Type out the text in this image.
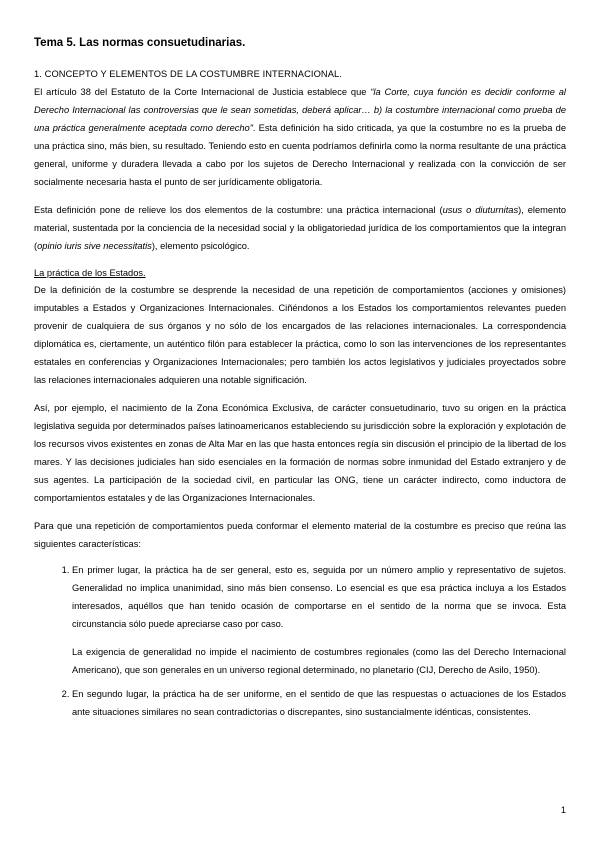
Tema 5. Las normas consuetudinarias.
1. CONCEPTO Y ELEMENTOS DE LA COSTUMBRE INTERNACIONAL.

El artículo 38 del Estatuto de la Corte Internacional de Justicia establece que “la Corte, cuya función es decidir conforme al Derecho Internacional las controversias que le sean sometidas, deberá aplicar… b) la costumbre internacional como prueba de una práctica generalmente aceptada como derecho”. Esta definición ha sido criticada, ya que la costumbre no es la prueba de una práctica sino, más bien, su resultado. Teniendo esto en cuenta podríamos definirla como la norma resultante de una práctica general, uniforme y duradera llevada a cabo por los sujetos de Derecho Internacional y realizada con la convicción de ser socialmente necesaria hasta el punto de ser jurídicamente obligatoria.

Esta definición pone de relieve los dos elementos de la costumbre: una práctica internacional (usus o diuturnitas), elemento material, sustentada por la conciencia de la necesidad social y la obligatoriedad jurídica de los comportamientos que la integran (opinio iuris sive necessitatis), elemento psicológico.

La práctica de los Estados.

De la definición de la costumbre se desprende la necesidad de una repetición de comportamientos (acciones y omisiones) imputables a Estados y Organizaciones Internacionales. Ciñéndonos a los Estados los comportamientos relevantes pueden provenir de cualquiera de sus órganos y no sólo de los encargados de las relaciones internacionales. La correspondencia diplomática es, ciertamente, un auténtico filón para establecer la práctica, como lo son las intervenciones de los representantes estatales en conferencias y Organizaciones Internacionales; pero también los actos legislativos y judiciales proyectados sobre las relaciones internacionales adquieren una notable significación.

Así, por ejemplo, el nacimiento de la Zona Económica Exclusiva, de carácter consuetudinario, tuvo su origen en la práctica legislativa seguida por determinados países latinoamericanos estableciendo su jurisdicción sobre la exploración y explotación de los recursos vivos existentes en zonas de Alta Mar en las que hasta entonces regía sin discusión el principio de la libertad de los mares. Y las decisiones judiciales han sido esenciales en la formación de normas sobre inmunidad del Estado extranjero y de sus agentes. La participación de la sociedad civil, en particular las ONG, tiene un carácter indirecto, como inductora de comportamientos estatales y de las Organizaciones Internacionales.

Para que una repetición de comportamientos pueda conformar el elemento material de la costumbre es preciso que reúna las siguientes características:

1. En primer lugar, la práctica ha de ser general, esto es, seguida por un número amplio y representativo de sujetos. Generalidad no implica unanimidad, sino más bien consenso. Lo esencial es que esa práctica incluya a los Estados interesados, aquéllos que han tenido ocasión de comportarse en el sentido de la norma que se invoca. Esta circunstancia sólo puede apreciarse caso por caso.
La exigencia de generalidad no impide el nacimiento de costumbres regionales (como las del Derecho Internacional Americano), que son generales en un universo regional determinado, no planetario (CIJ, Derecho de Asilo, 1950).
2. En segundo lugar, la práctica ha de ser uniforme, en el sentido de que las respuestas o actuaciones de los Estados ante situaciones similares no sean contradictorias o discrepantes, sino sustancialmente idénticas, consistentes.
1
